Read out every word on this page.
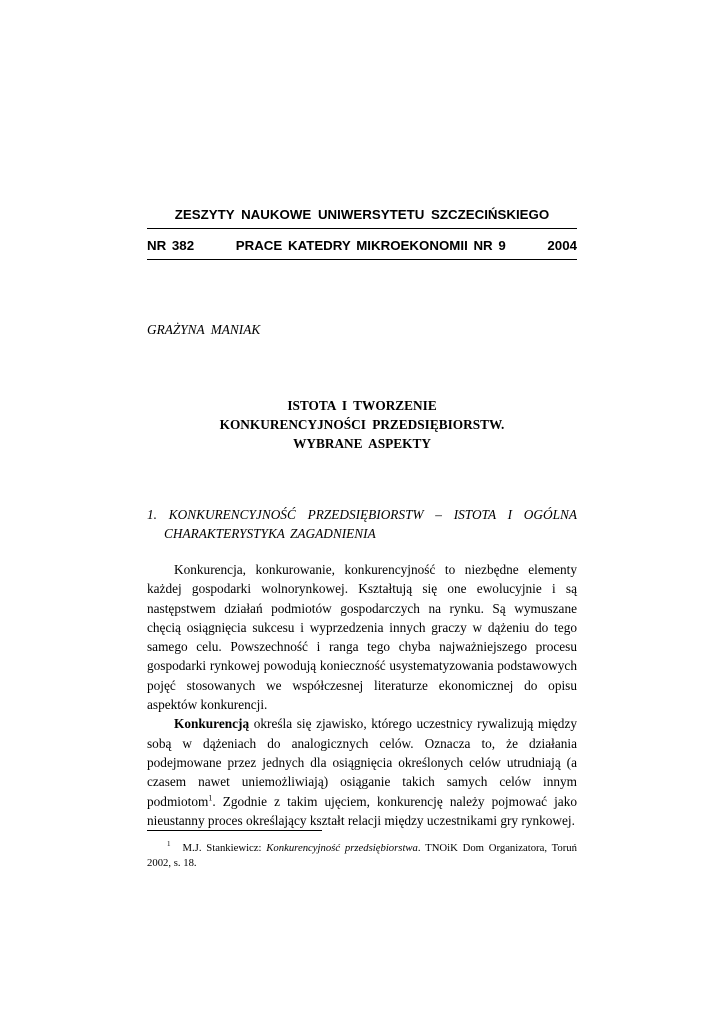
ZESZYTY NAUKOWE UNIWERSYTETU SZCZECIŃSKIEGO
NR 382	PRACE KATEDRY MIKROEKONOMII NR 9	2004
GRAŻYNA MANIAK
ISTOTA I TWORZENIE
KONKURENCYJNOŚCI PRZEDSIĘBIORSTW.
WYBRANE ASPEKTY
1. KONKURENCYJNOŚĆ PRZEDSIĘBIORSTW – ISTOTA I OGÓLNA
CHARAKTERYSTYKA ZAGADNIENIA

Konkurencja, konkurowanie, konkurencyjność to niezbędne elementy każdej gospodarki wolnorynkowej. Kształtują się one ewolucyjnie i są następstwem działań podmiotów gospodarczych na rynku. Są wymuszane chęcią osiągnięcia sukcesu i wyprzedzenia innych graczy w dążeniu do tego samego celu. Powszechność i ranga tego chyba najważniejszego procesu gospodarki rynkowej powodują konieczność usystematyzowania podstawowych pojęć stosowanych we współczesnej literaturze ekonomicznej do opisu aspektów konkurencji.

Konkurencją określa się zjawisko, którego uczestnicy rywalizują między sobą w dążeniach do analogicznych celów. Oznacza to, że działania podejmowane przez jednych dla osiągnięcia określonych celów utrudniają (a czasem nawet uniemożliwiają) osiąganie takich samych celów innym podmiotom$^1$. Zgodnie z takim ujęciem, konkurencję należy pojmować jako nieustanny proces określający kształt relacji między uczestnikami gry rynkowej.

$^1$ M.J. Stankiewicz: Konkurencyjność przedsiębiorstwa. TNOiK Dom Organizatora, Toruń 2002, s. 18.
